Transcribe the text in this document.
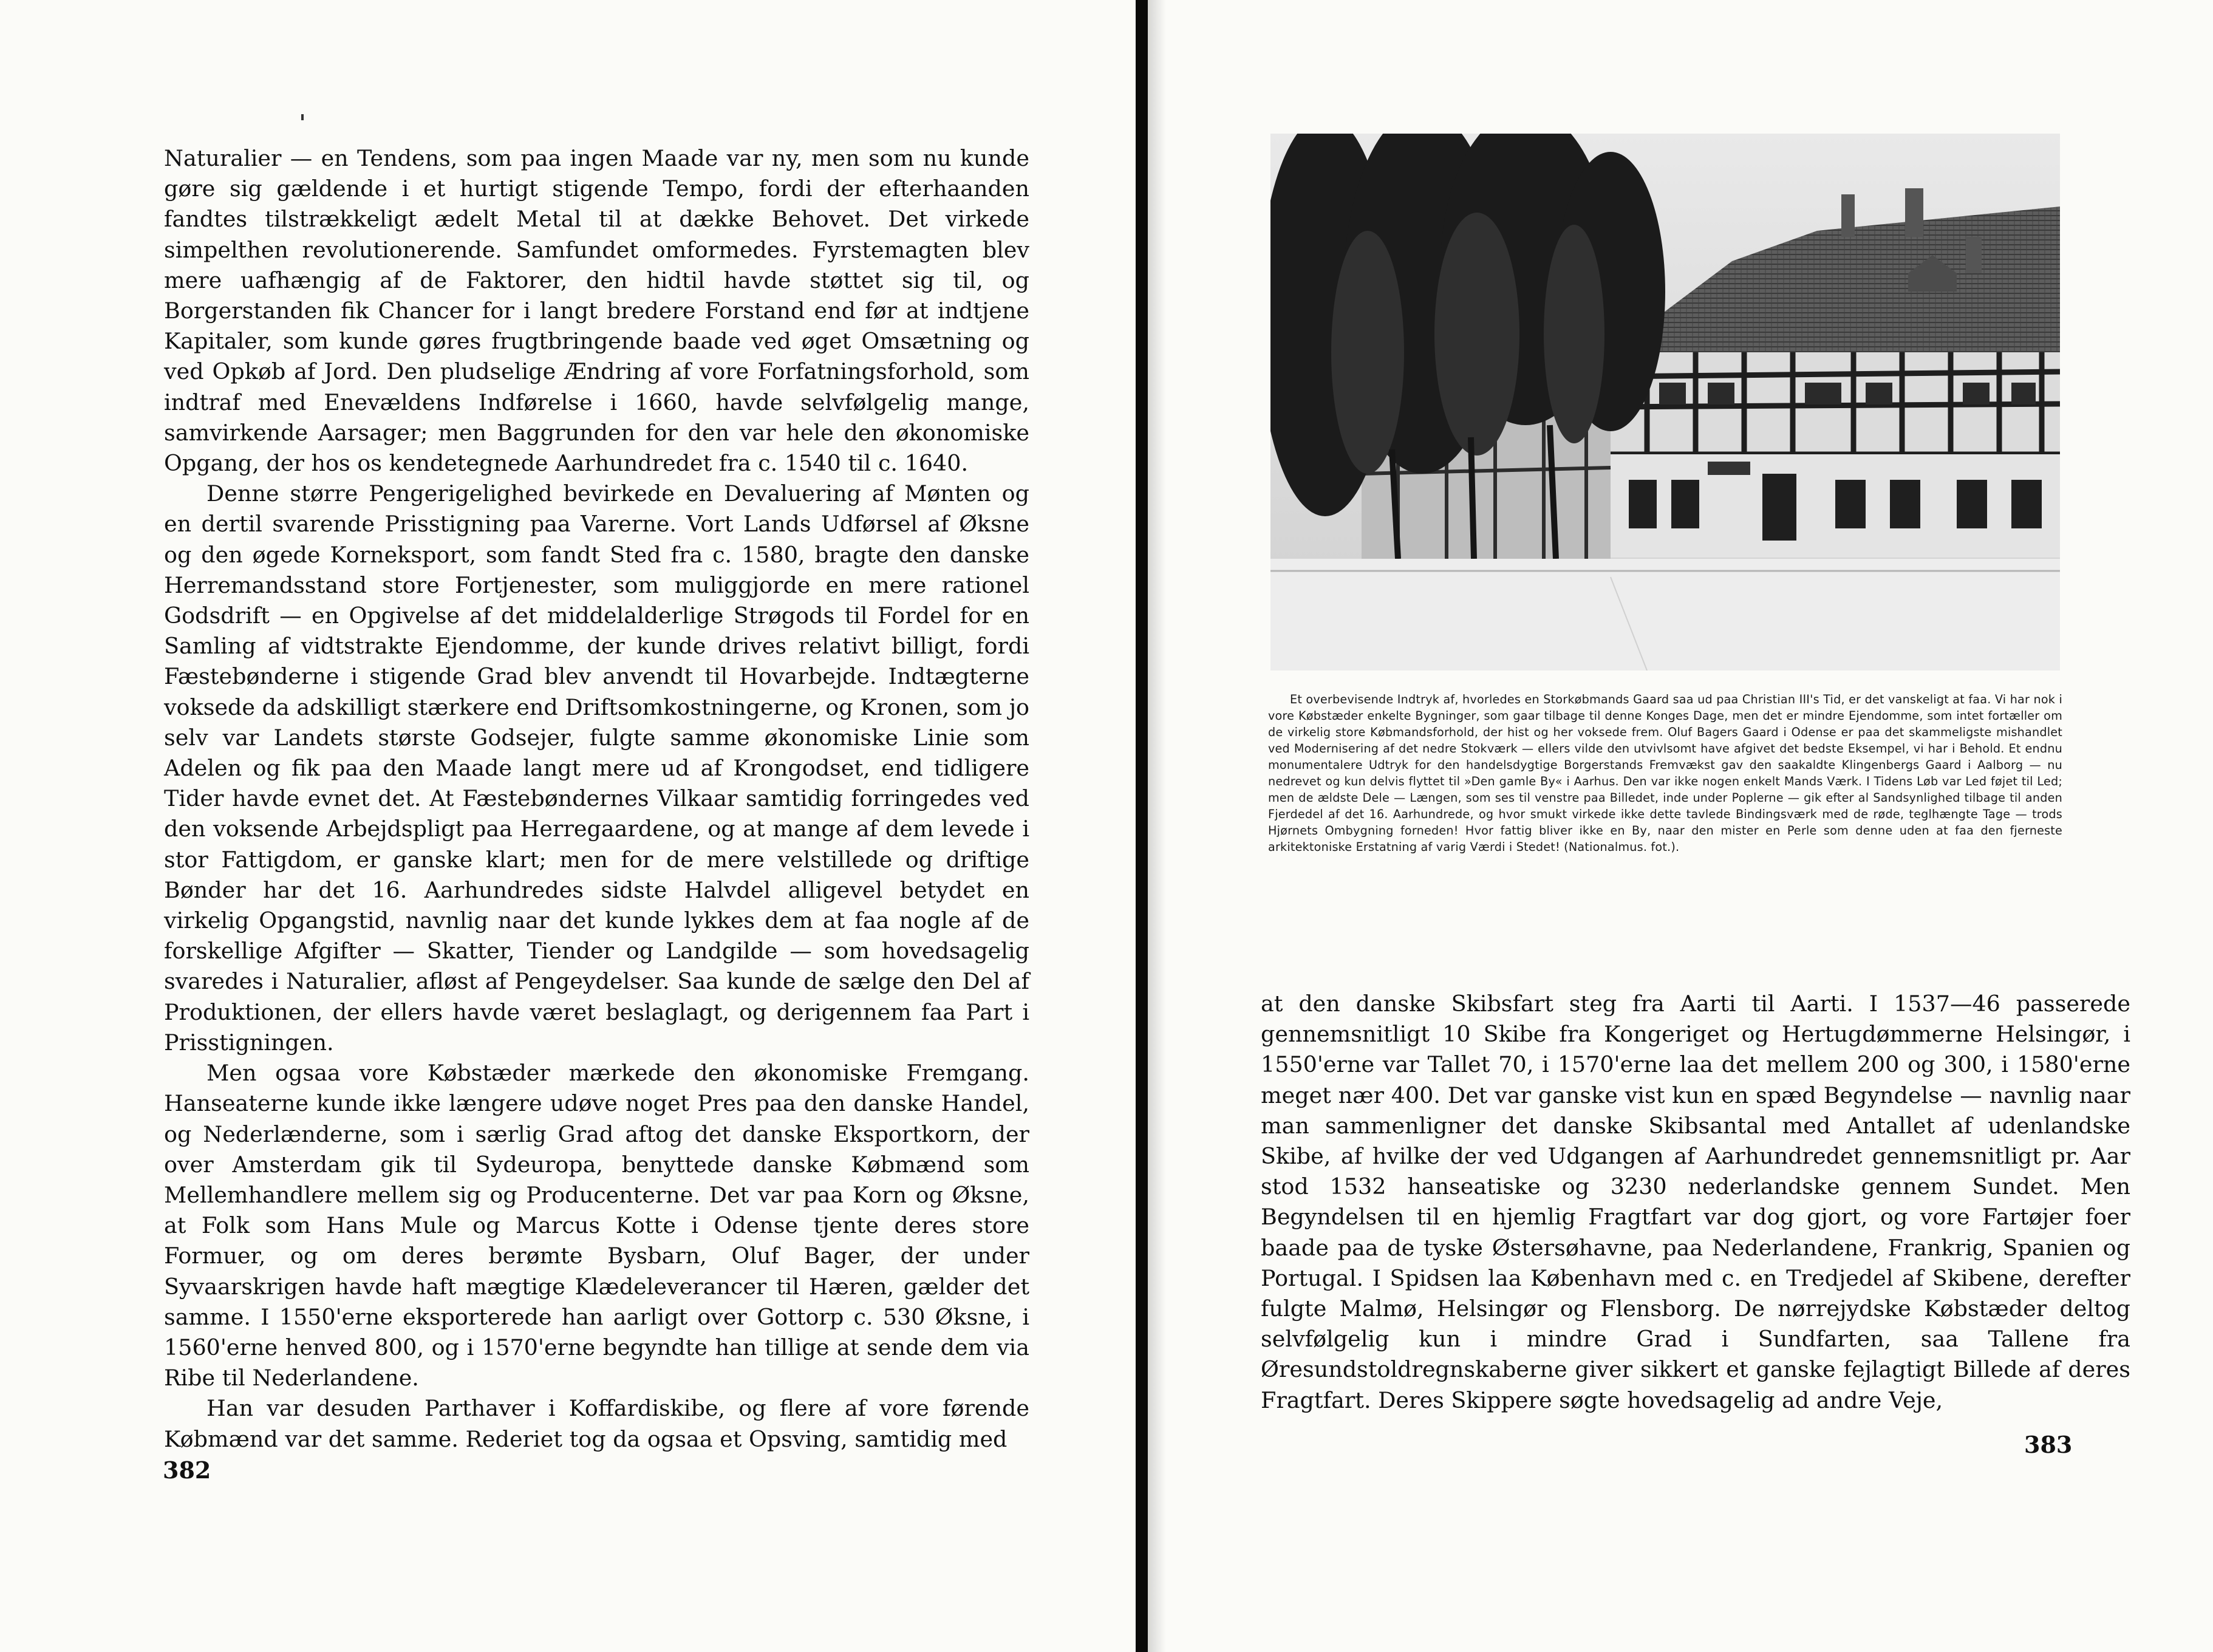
Naturalier — en Tendens, som paa ingen Maade var ny, men som nu kunde gøre sig gældende i et hurtigt stigende Tempo, fordi der efterhaanden fandtes tilstrækkeligt ædelt Metal til at dække Behovet. Det virkede simpelthen revolutionerende. Samfundet omformedes. Fyrstemagten blev mere uafhængig af de Faktorer, den hidtil havde støttet sig til, og Borgerstanden fik Chancer for i langt bredere Forstand end før at indtjene Kapitaler, som kunde gøres frugtbringende baade ved øget Omsætning og ved Opkøb af Jord. Den pludselige Ændring af vore Forfatningsforhold, som indtraf med Enevældens Indførelse i 1660, havde selvfølgelig mange, samvirkende Aarsager; men Baggrunden for den var hele den økonomiske Opgang, der hos os kendetegnede Aarhundredet fra c. 1540 til c. 1640.

Denne større Pengerigelighed bevirkede en Devaluering af Mønten og en dertil svarende Prisstigning paa Varerne. Vort Lands Udførsel af Øksne og den øgede Korneksport, som fandt Sted fra c. 1580, bragte den danske Herremandsstand store Fortjenester, som muliggjorde en mere rationel Godsdrift — en Opgivelse af det middelalderlige Strøgods til Fordel for en Samling af vidtstrakte Ejendomme, der kunde drives relativt billigt, fordi Fæstebønderne i stigende Grad blev anvendt til Hovarbejde. Indtægterne voksede da adskilligt stærkere end Driftsomkostningerne, og Kronen, som jo selv var Landets største Godsejer, fulgte samme økonomiske Linie som Adelen og fik paa den Maade langt mere ud af Krongodset, end tidligere Tider havde evnet det. At Fæstebøndernes Vilkaar samtidig forringedes ved den voksende Arbejdspligt paa Herregaardene, og at mange af dem levede i stor Fattigdom, er ganske klart; men for de mere velstillede og driftige Bønder har det 16. Aarhundredes sidste Halvdel alligevel betydet en virkelig Opgangstid, navnlig naar det kunde lykkes dem at faa nogle af de forskellige Afgifter — Skatter, Tiender og Landgilde — som hovedsagelig svaredes i Naturalier, afløst af Pengeydelser. Saa kunde de sælge den Del af Produktionen, der ellers havde været beslaglagt, og derigennem faa Part i Prisstigningen.

Men ogsaa vore Købstæder mærkede den økonomiske Fremgang. Hanseaterne kunde ikke længere udøve noget Pres paa den danske Handel, og Nederlænderne, som i særlig Grad aftog det danske Eksportkorn, der over Amsterdam gik til Sydeuropa, benyttede danske Købmænd som Mellemhandlere mellem sig og Producenterne. Det var paa Korn og Øksne, at Folk som Hans Mule og Marcus Kotte i Odense tjente deres store Formuer, og om deres berømte Bysbarn, Oluf Bager, der under Syvaarskrigen havde haft mægtige Klædeleverancer til Hæren, gælder det samme. I 1550'erne eksporterede han aarligt over Gottorp c. 530 Øksne, i 1560'erne henved 800, og i 1570'erne begyndte han tillige at sende dem via Ribe til Nederlandene.

Han var desuden Parthaver i Koffardiskibe, og flere af vore førende Købmænd var det samme. Rederiet tog da ogsaa et Opsving, samtidig med

382

Et overbevisende Indtryk af, hvorledes en Storkøbmands Gaard saa ud paa Christian III's Tid, er det vanskeligt at faa. Vi har nok i vore Købstæder enkelte Bygninger, som gaar tilbage til denne Konges Dage, men det er mindre Ejendomme, som intet fortæller om de virkelig store Købmandsforhold, der hist og her voksede frem. Oluf Bagers Gaard i Odense er paa det skammeligste mishandlet ved Modernisering af det nedre Stokværk — ellers vilde den utvivlsomt have afgivet det bedste Eksempel, vi har i Behold. Et endnu monumentalere Udtryk for den handelsdygtige Borgerstands Fremvækst gav den saakaldte Klingenbergs Gaard i Aalborg — nu nedrevet og kun delvis flyttet til »Den gamle By« i Aarhus. Den var ikke nogen enkelt Mands Værk. I Tidens Løb var Led føjet til Led; men de ældste Dele — Længen, som ses til venstre paa Billedet, inde under Poplerne — gik efter al Sandsynlighed tilbage til anden Fjerdedel af det 16. Aarhundrede, og hvor smukt virkede ikke dette tavlede Bindingsværk med de røde, teglhængte Tage — trods Hjørnets Ombygning forneden! Hvor fattig bliver ikke en By, naar den mister en Perle som denne uden at faa den fjerneste arkitektoniske Erstatning af varig Værdi i Stedet! (Nationalmus. fot.).

at den danske Skibsfart steg fra Aarti til Aarti. I 1537—46 passerede gennemsnitligt 10 Skibe fra Kongeriget og Hertugdømmerne Helsingør, i 1550'erne var Tallet 70, i 1570'erne laa det mellem 200 og 300, i 1580'erne meget nær 400. Det var ganske vist kun en spæd Begyndelse — navnlig naar man sammenligner det danske Skibsantal med Antallet af udenlandske Skibe, af hvilke der ved Udgangen af Aarhundredet gennemsnitligt pr. Aar stod 1532 hanseatiske og 3230 nederlandske gennem Sundet. Men Begyndelsen til en hjemlig Fragtfart var dog gjort, og vore Fartøjer foer baade paa de tyske Østersøhavne, paa Nederlandene, Frankrig, Spanien og Portugal. I Spidsen laa København med c. en Tredjedel af Skibene, derefter fulgte Malmø, Helsingør og Flensborg. De nørrejydske Købstæder deltog selvfølgelig kun i mindre Grad i Sundfarten, saa Tallene fra Øresundstoldregnskaberne giver sikkert et ganske fejlagtigt Billede af deres Fragtfart. Deres Skippere søgte hovedsagelig ad andre Veje,

383
